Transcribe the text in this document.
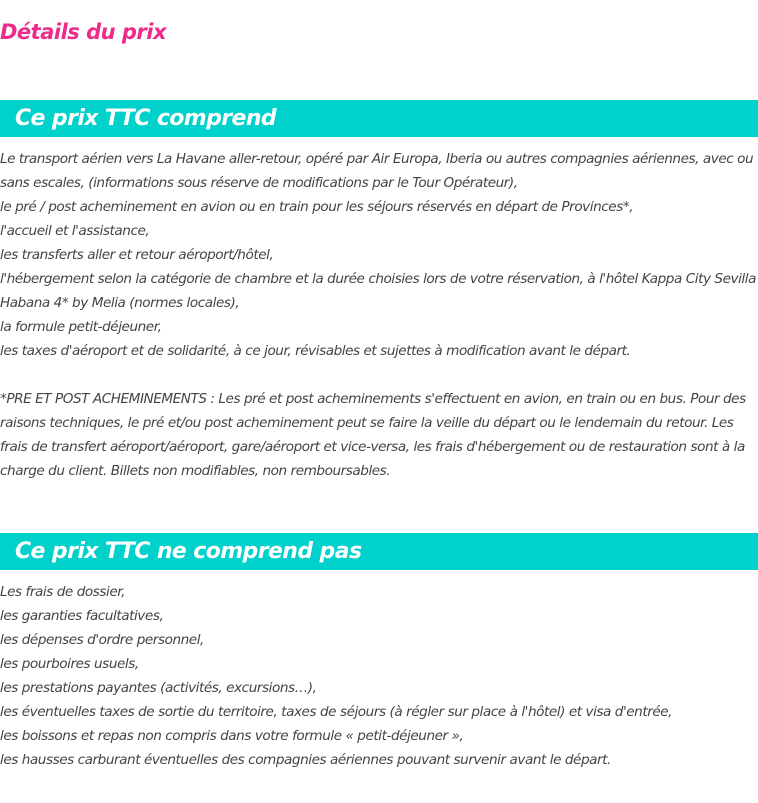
Détails du prix
Ce prix TTC comprend

Le transport aérien vers La Havane aller-retour, opéré par Air Europa, Iberia ou autres compagnies aériennes, avec ou sans escales, (informations sous réserve de modifications par le Tour Opérateur),

le pré / post acheminement en avion ou en train pour les séjours réservés en départ de Provinces*,

l'accueil et l'assistance,

les transferts aller et retour aéroport/hôtel,

l'hébergement selon la catégorie de chambre et la durée choisies lors de votre réservation, à l'hôtel Kappa City Sevilla Habana 4* by Melia (normes locales),

la formule petit-déjeuner,

les taxes d'aéroport et de solidarité, à ce jour, révisables et sujettes à modification avant le départ.

*PRE ET POST ACHEMINEMENTS : Les pré et post acheminements s'effectuent en avion, en train ou en bus. Pour des raisons techniques, le pré et/ou post acheminement peut se faire la veille du départ ou le lendemain du retour. Les frais de transfert aéroport/aéroport, gare/aéroport et vice-versa, les frais d'hébergement ou de restauration sont à la charge du client. Billets non modifiables, non remboursables.

Ce prix TTC ne comprend pas

Les frais de dossier,

les garanties facultatives,

les dépenses d'ordre personnel,

les pourboires usuels,

les prestations payantes (activités, excursions…),

les éventuelles taxes de sortie du territoire, taxes de séjours (à régler sur place à l'hôtel) et visa d'entrée,

les boissons et repas non compris dans votre formule « petit-déjeuner »,

les hausses carburant éventuelles des compagnies aériennes pouvant survenir avant le départ.
